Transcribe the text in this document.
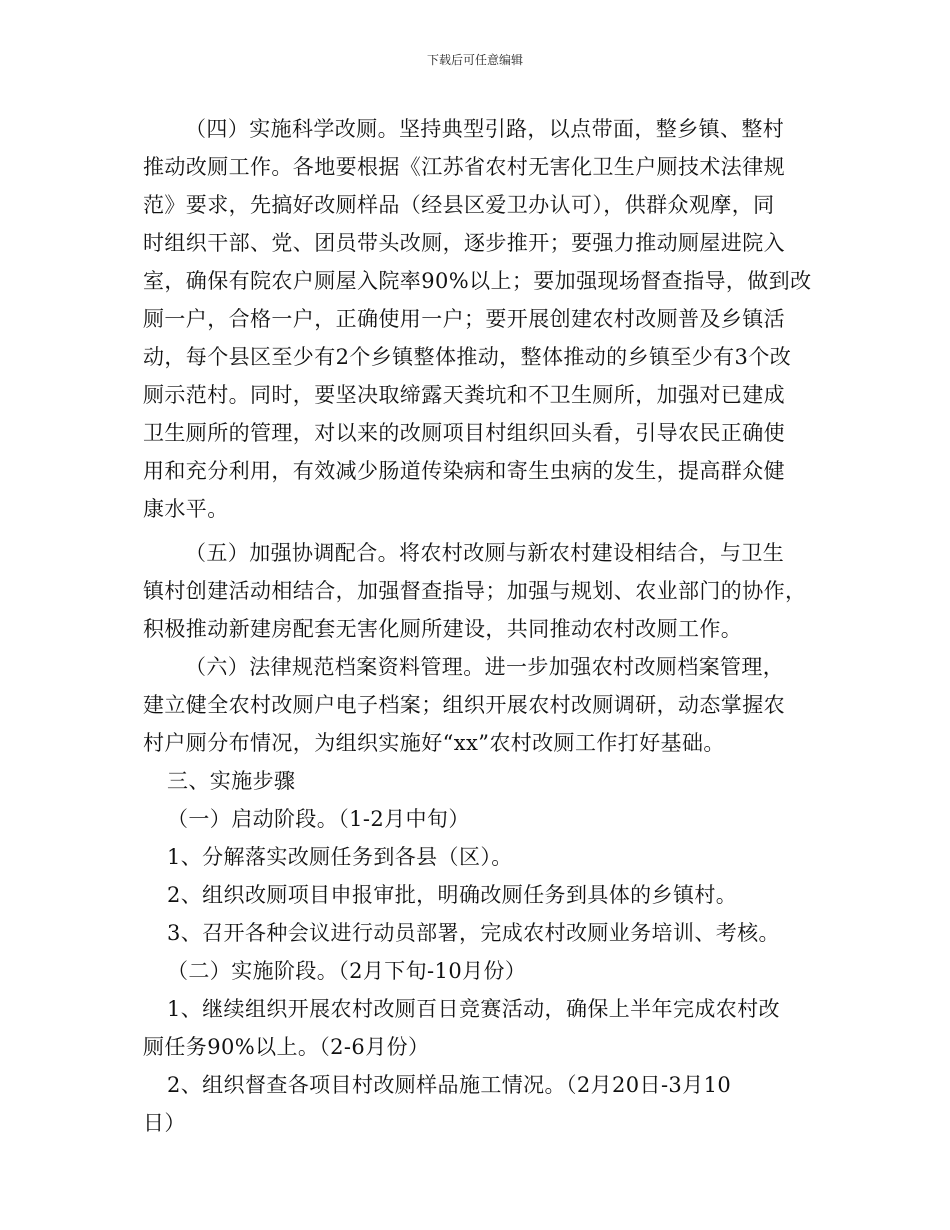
下载后可任意编辑
（四）实施科学改厕。坚持典型引路，以点带面，整乡镇、整村
推动改厕工作。各地要根据《江苏省农村无害化卫生户厕技术法律规
范》要求，先搞好改厕样品（经县区爱卫办认可），供群众观摩，同
时组织干部、党、团员带头改厕，逐步推开；要强力推动厕屋进院入
室，确保有院农户厕屋入院率90%以上；要加强现场督查指导，做到改
厕一户，合格一户，正确使用一户；要开展创建农村改厕普及乡镇活
动，每个县区至少有2个乡镇整体推动，整体推动的乡镇至少有3个改
厕示范村。同时，要坚决取缔露天粪坑和不卫生厕所，加强对已建成
卫生厕所的管理，对以来的改厕项目村组织回头看，引导农民正确使
用和充分利用，有效减少肠道传染病和寄生虫病的发生，提高群众健
康水平。
（五）加强协调配合。将农村改厕与新农村建设相结合，与卫生
镇村创建活动相结合，加强督查指导；加强与规划、农业部门的协作，
积极推动新建房配套无害化厕所建设，共同推动农村改厕工作。
（六）法律规范档案资料管理。进一步加强农村改厕档案管理，
建立健全农村改厕户电子档案；组织开展农村改厕调研，动态掌握农
村户厕分布情况，为组织实施好“xx”农村改厕工作打好基础。
三、实施步骤
（一）启动阶段。（1-2月中旬）
1、分解落实改厕任务到各县（区）。
2、组织改厕项目申报审批，明确改厕任务到具体的乡镇村。
3、召开各种会议进行动员部署，完成农村改厕业务培训、考核。
（二）实施阶段。（2月下旬-10月份）
1、继续组织开展农村改厕百日竞赛活动，确保上半年完成农村改
厕任务90%以上。（2-6月份）
2、组织督查各项目村改厕样品施工情况。（2月20日-3月10
日）
